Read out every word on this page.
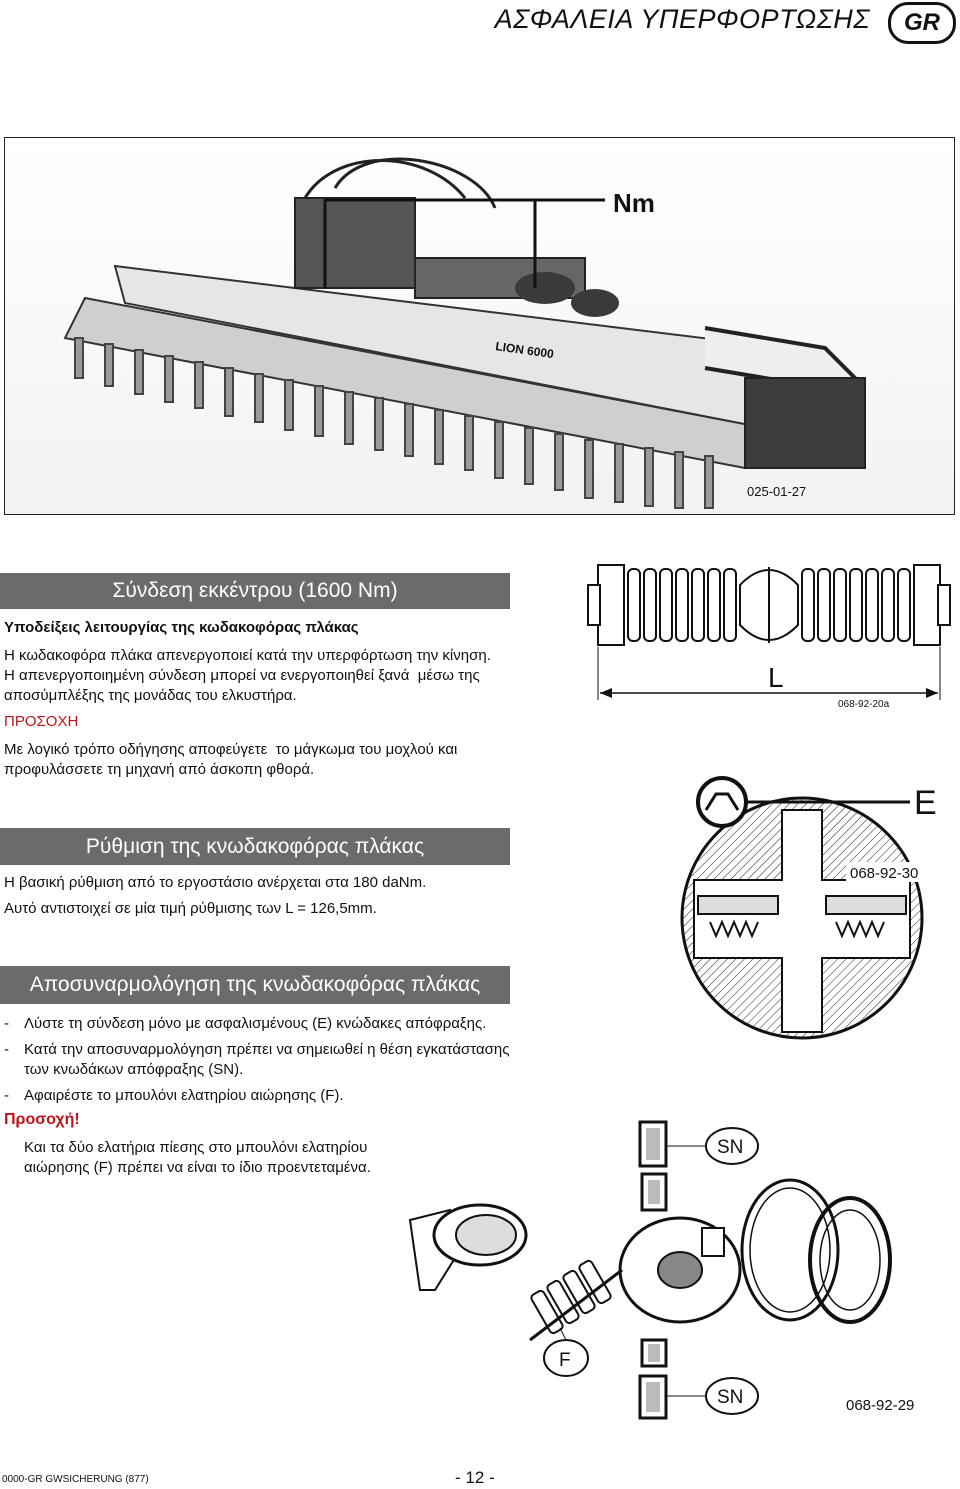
ΑΣΦΑΛΕΙΑ ΥΠΕΡΦΟΡΤΩΣΗΣ	GR
Nm
LION 6000
025-01-27
Σύνδεση εκκέντρου (1600 Nm)
Υποδείξεις λειτουργίας της κωδακοφόρας πλάκας
Η κωδακοφόρα πλάκα απενεργοποιεί κατά την υπερφόρτωση την κίνηση.
Η απενεργοποιημένη σύνδεση μπορεί να ενεργοποιηθεί ξανά  μέσω της
αποσύμπλέξης της μονάδας του ελκυστήρα.
ΠΡΟΣΟΧΗ
Με λογικό τρόπο οδήγησης αποφεύγετε  το μάγκωμα του μοχλού και
προφυλάσσετε τη μηχανή από άσκοπη φθορά.
Ρύθμιση της κνωδακοφόρας πλάκας
Η βασική ρύθμιση από το εργοστάσιο ανέρχεται στα 180 daNm.
Αυτό αντιστοιχεί σε μία τιμή ρύθμισης των L = 126,5mm.
Αποσυναρμολόγηση της κνωδακοφόρας πλάκας
- Λύστε τη σύνδεση μόνο με ασφαλισμένους (Ε) κνώδακες απόφραξης.
- Κατά την αποσυναρμολόγηση πρέπει να σημειωθεί η θέση εγκατάστασης
των κνωδάκων απόφραξης (SN).
- Αφαιρέστε το μπουλόνι ελατηρίου αιώρησης (F).
Προσοχή!
Και τα δύο ελατήρια πίεσης στο μπουλόνι ελατηρίου
αιώρησης (F) πρέπει να είναι το ίδιο προεντεταμένα.
L
068-92-20a
E
068-92-30
SN
F
SN	068-92-29
0000-GR GWSICHERUNG (877)	- 12 -
